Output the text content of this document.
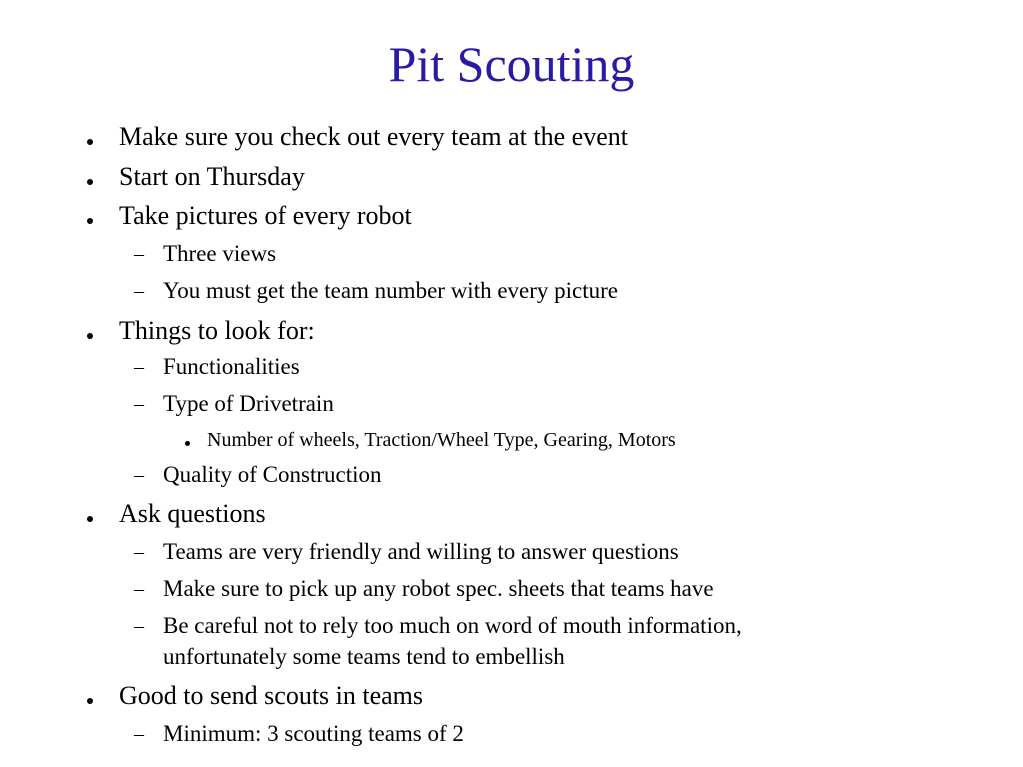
Pit Scouting
Make sure you check out every team at the event
Start on Thursday
Take pictures of every robot
– Three views
– You must get the team number with every picture
Things to look for:
– Functionalities
– Type of Drivetrain
Number of wheels, Traction/Wheel Type, Gearing, Motors
– Quality of Construction
Ask questions
– Teams are very friendly and willing to answer questions
– Make sure to pick up any robot spec. sheets that teams have
– Be careful not to rely too much on word of mouth information,
unfortunately some teams tend to embellish
Good to send scouts in teams
– Minimum: 3 scouting teams of 2
